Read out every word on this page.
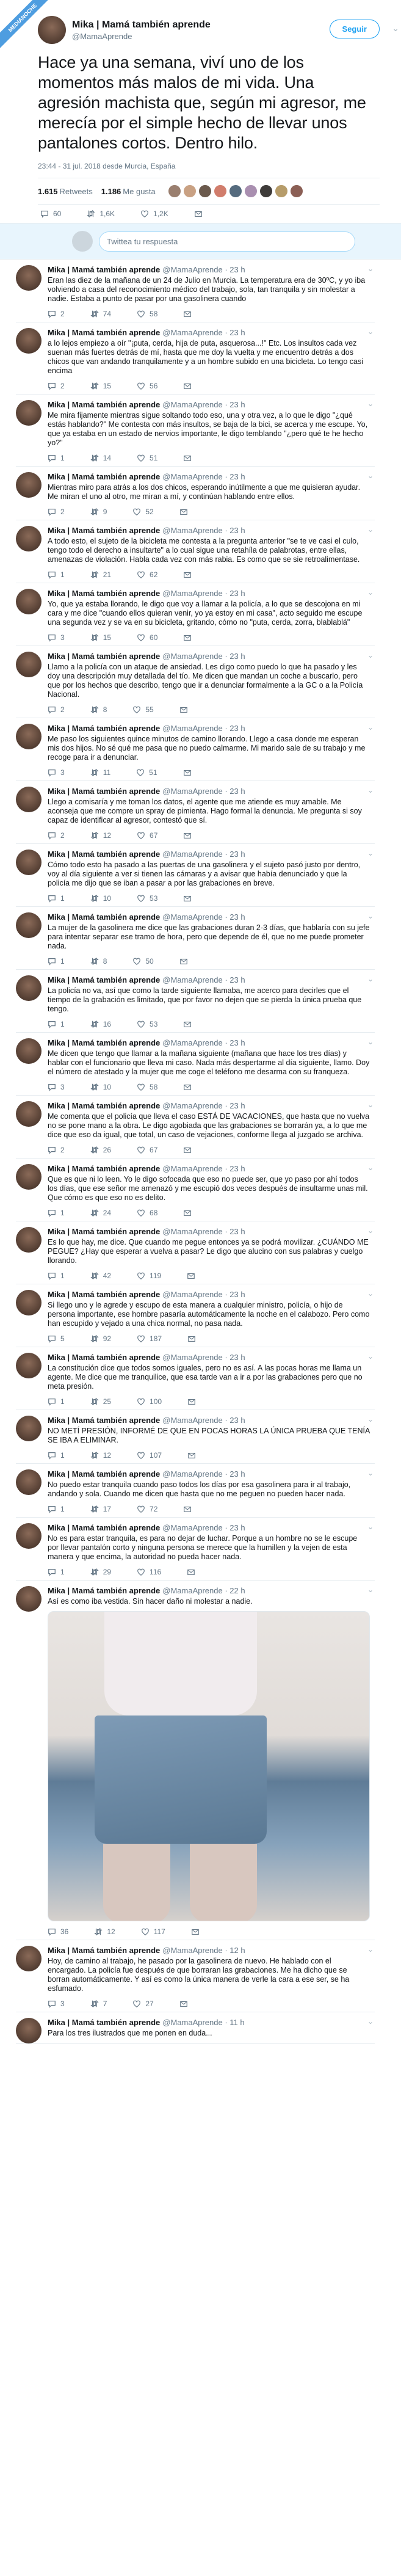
MEDIANOCHE	Mika | Mamá también aprende
@MamaAprende
Seguir	⌄
Hace ya una semana, viví uno de los momentos más malos de mi vida. Una agresión machista que, según mi agresor, me merecía por el simple hecho de llevar unos pantalones cortos. Dentro hilo.
23:44 - 31 jul. 2018 desde Murcia, España
1.615 Retweets 1.186 Me gusta
60	1,6K	1,2K
Twittea tu respuesta
Mika | Mamá también aprende @MamaAprende · 23 h
Eran las diez de la mañana de un 24 de Julio en Murcia. La temperatura era de 30ºC, y yo iba volviendo a casa del reconocimiento médico del trabajo, sola, tan tranquila y sin molestar a nadie. Estaba a punto de pasar por una gasolinera cuando
2	74	58
⌄
Mika | Mamá también aprende @MamaAprende · 23 h
a lo lejos empiezo a oír "¡puta, cerda, hija de puta, asquerosa...!" Etc. Los insultos cada vez suenan más fuertes detrás de mí, hasta que me doy la vuelta y me encuentro detrás a dos chicos que van andando tranquilamente y a un hombre subido en una bicicleta. Lo tengo casi encima
2	15	56
⌄
Mika | Mamá también aprende @MamaAprende · 23 h
Me mira fijamente mientras sigue soltando todo eso, una y otra vez, a lo que le digo "¿qué estás hablando?" Me contesta con más insultos, se baja de la bici, se acerca y me escupe. Yo, que ya estaba en un estado de nervios importante, le digo temblando "¿pero qué te he hecho yo?"
1	14	51
⌄
Mika | Mamá también aprende @MamaAprende · 23 h
Mientras miro para atrás a los dos chicos, esperando inútilmente a que me quisieran ayudar. Me miran el uno al otro, me miran a mí, y continúan hablando entre ellos.
2	9	52
⌄
Mika | Mamá también aprende @MamaAprende · 23 h
A todo esto, el sujeto de la bicicleta me contesta a la pregunta anterior "se te ve casi el culo, tengo todo el derecho a insultarte" a lo cual sigue una retahíla de palabrotas, entre ellas, amenazas de violación. Habla cada vez con más rabia. Es como que se sie retroalimentase.
1	21	62
⌄
Mika | Mamá también aprende @MamaAprende · 23 h
Yo, que ya estaba llorando, le digo que voy a llamar a la policía, a lo que se descojona en mi cara y me dice "cuando ellos quieran venir, yo ya estoy en mi casa", acto seguido me escupe una segunda vez y se va en su bicicleta, gritando, cómo no "puta, cerda, zorra, blablablá"
3	15	60
⌄
Mika | Mamá también aprende @MamaAprende · 23 h
Llamo a la policía con un ataque de ansiedad. Les digo como puedo lo que ha pasado y les doy una descripción muy detallada del tío. Me dicen que mandan un coche a buscarlo, pero que por los hechos que describo, tengo que ir a denunciar formalmente a la GC o a la Policía Nacional.
2	8	55
⌄
Mika | Mamá también aprende @MamaAprende · 23 h
Me paso los siguientes quince minutos de camino llorando. Llego a casa donde me esperan mis dos hijos. No sé qué me pasa que no puedo calmarme. Mi marido sale de su trabajo y me recoge para ir a denunciar.
3	11	51
⌄
Mika | Mamá también aprende @MamaAprende · 23 h
Llego a comisaría y me toman los datos, el agente que me atiende es muy amable. Me aconseja que me compre un spray de pimienta. Hago formal la denuncia. Me pregunta si soy capaz de identificar al agresor, contestó que sí.
2	12	67
⌄
Mika | Mamá también aprende @MamaAprende · 23 h
Cómo todo esto ha pasado a las puertas de una gasolinera y el sujeto pasó justo por dentro, voy al día siguiente a ver si tienen las cámaras y a avisar que había denunciado y que la policía me dijo que se iban a pasar a por las grabaciones en breve.
1	10	53
⌄
Mika | Mamá también aprende @MamaAprende · 23 h
La mujer de la gasolinera me dice que las grabaciones duran 2-3 días, que hablaría con su jefe para intentar separar ese tramo de hora, pero que depende de él, que no me puede prometer nada.
1	8	50
⌄
Mika | Mamá también aprende @MamaAprende · 23 h
La policía no va, así que como la tarde siguiente llamaba, me acerco para decirles que el tiempo de la grabación es limitado, que por favor no dejen que se pierda la única prueba que tengo.
1	16	53
⌄
Mika | Mamá también aprende @MamaAprende · 23 h
Me dicen que tengo que llamar a la mañana siguiente (mañana que hace los tres días) y hablar con el funcionario que lleva mi caso. Nada más despertarme al día siguiente, llamo. Doy el número de atestado y la mujer que me coge el teléfono me desarma con su franqueza.
3	10	58
⌄
Mika | Mamá también aprende @MamaAprende · 23 h
Me comenta que el policía que lleva el caso ESTÁ DE VACACIONES, que hasta que no vuelva no se pone mano a la obra. Le digo agobiada que las grabaciones se borrarán ya, a lo que me dice que eso da igual, que total, un caso de vejaciones, conforme llega al juzgado se archiva.
2	26	67
⌄
Mika | Mamá también aprende @MamaAprende · 23 h
Que es que ni lo leen. Yo le digo sofocada que eso no puede ser, que yo paso por ahí todos los días, que ese señor me amenazó y me escupió dos veces después de insultarme unas mil. Que cómo es que eso no es delito.
1	24	68
⌄
Mika | Mamá también aprende @MamaAprende · 23 h
Es lo que hay, me dice. Que cuando me pegue entonces ya se podrá movilizar. ¿CUÁNDO ME PEGUE? ¿Hay que esperar a vuelva a pasar? Le digo que alucino con sus palabras y cuelgo llorando.
1	42	119
⌄
Mika | Mamá también aprende @MamaAprende · 23 h
Si llego uno y le agrede y escupo de esta manera a cualquier ministro, policía, o hijo de persona importante, ese hombre pasaría automáticamente la noche en el calabozo. Pero como han escupido y vejado a una chica normal, no pasa nada.
5	92	187
⌄
Mika | Mamá también aprende @MamaAprende · 23 h
La constitución dice que todos somos iguales, pero no es así. A las pocas horas me llama un agente. Me dice que me tranquilice, que esa tarde van a ir a por las grabaciones pero que no meta presión.
1	25	100
⌄
Mika | Mamá también aprende @MamaAprende · 23 h
NO METÍ PRESIÓN, INFORMÉ DE QUE EN POCAS HORAS LA ÚNICA PRUEBA QUE TENÍA SE IBA A ELIMINAR.
1	12	107
⌄
Mika | Mamá también aprende @MamaAprende · 23 h
No puedo estar tranquila cuando paso todos los días por esa gasolinera para ir al trabajo, andando y sola. Cuando me dicen que hasta que no me peguen no pueden hacer nada.
1	17	72
⌄
Mika | Mamá también aprende @MamaAprende · 23 h
No es para estar tranquila, es para no dejar de luchar. Porque a un hombre no se le escupe por llevar pantalón corto y ninguna persona se merece que la humillen y la vejen de esta manera y que encima, la autoridad no pueda hacer nada.
1	29	116
⌄
Mika | Mamá también aprende @MamaAprende · 22 h
Así es como iba vestida. Sin hacer daño ni molestar a nadie.
36	12	117
⌄
Mika | Mamá también aprende @MamaAprende · 12 h
Hoy, de camino al trabajo, he pasado por la gasolinera de nuevo. He hablado con el encargado. La policía fue después de que borraran las grabaciones. Me ha dicho que se borran automáticamente. Y así es como la única manera de verle la cara a ese ser, se ha esfumado.
3	7	27
⌄
Mika | Mamá también aprende @MamaAprende · 11 h
Para los tres ilustrados que me ponen en duda...
⌄
